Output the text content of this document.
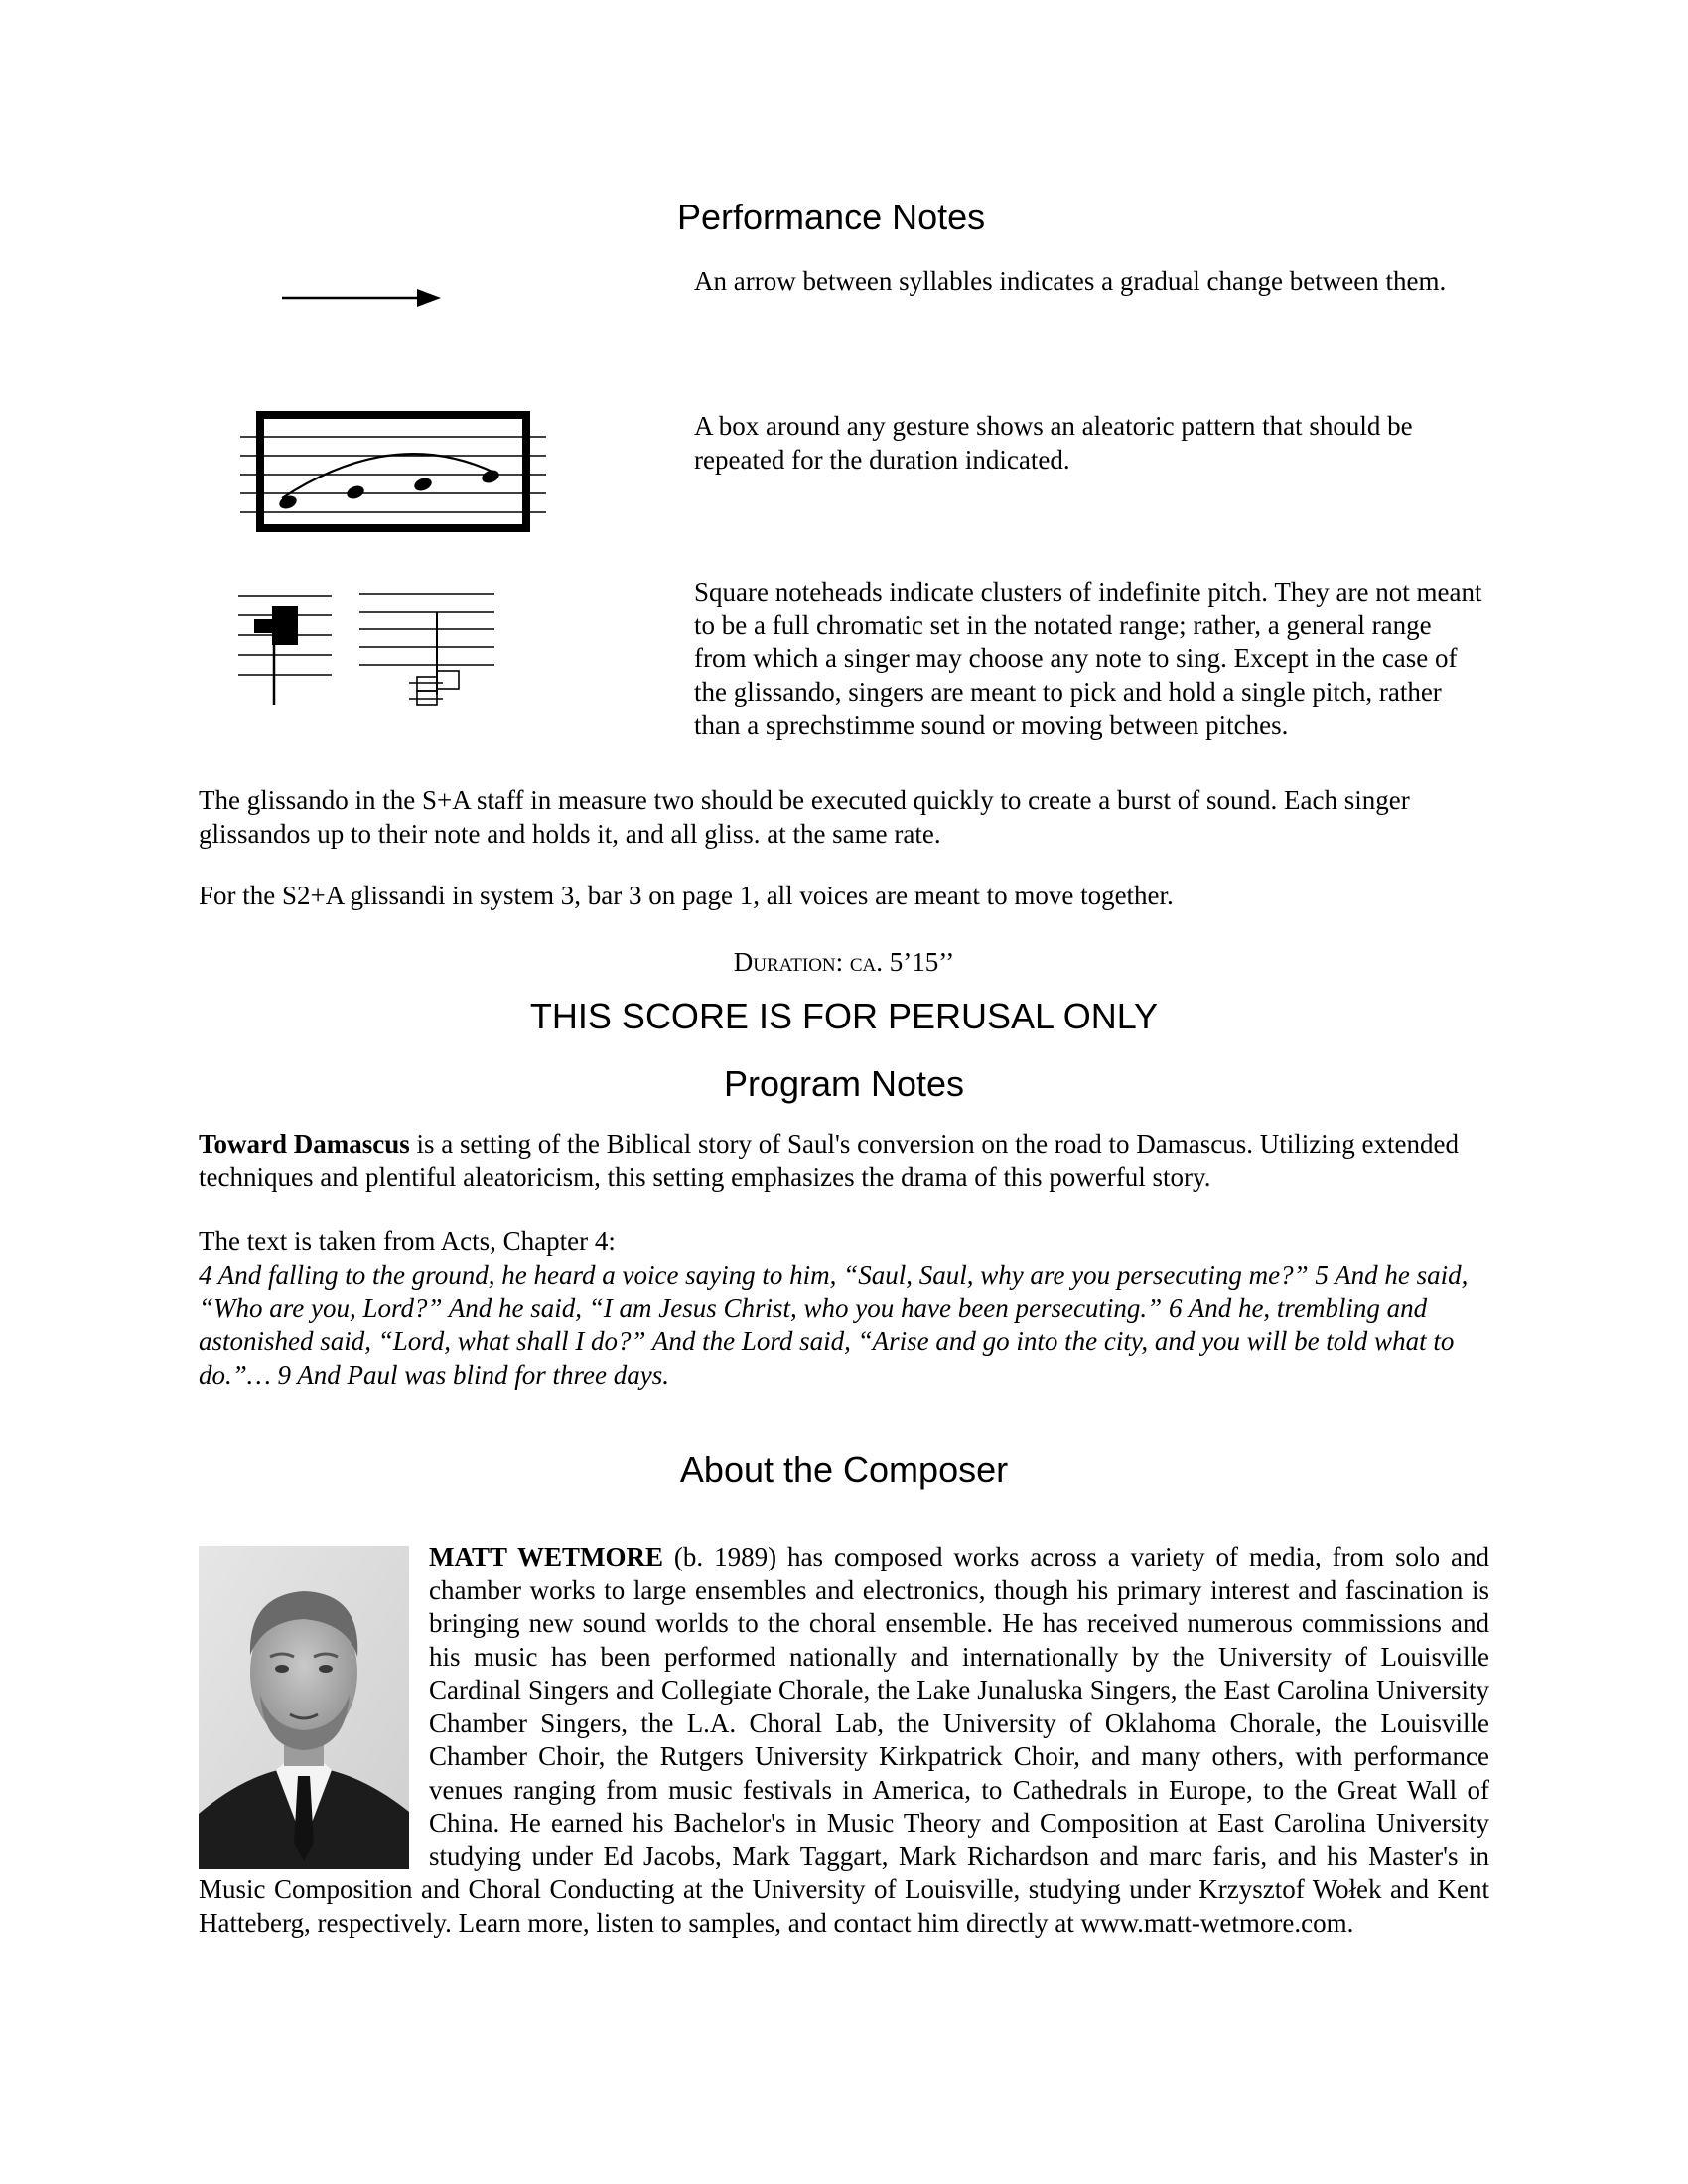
Performance Notes

An arrow between syllables indicates a gradual change between them.

A box around any gesture shows an aleatoric pattern that should be repeated for the duration indicated.

Square noteheads indicate clusters of indefinite pitch. They are not meant to be a full chromatic set in the notated range; rather, a general range from which a singer may choose any note to sing. Except in the case of the glissando, singers are meant to pick and hold a single pitch, rather than a sprechstimme sound or moving between pitches.

The glissando in the S+A staff in measure two should be executed quickly to create a burst of sound. Each singer glissandos up to their note and holds it, and all gliss. at the same rate.

For the S2+A glissandi in system 3, bar 3 on page 1, all voices are meant to move together.

Duration: ca. 5’15’’
THIS SCORE IS FOR PERUSAL ONLY
Program Notes

Toward Damascus is a setting of the Biblical story of Saul's conversion on the road to Damascus. Utilizing extended techniques and plentiful aleatoricism, this setting emphasizes the drama of this powerful story.

The text is taken from Acts, Chapter 4:

4 And falling to the ground, he heard a voice saying to him, “Saul, Saul, why are you persecuting me?” 5 And he said, “Who are you, Lord?” And he said, “I am Jesus Christ, who you have been persecuting.” 6 And he, trembling and astonished said, “Lord, what shall I do?” And the Lord said, “Arise and go into the city, and you will be told what to do.”… 9 And Paul was blind for three days.

About the Composer
MATT WETMORE (b. 1989) has composed works across a variety of media, from solo and chamber works to large ensembles and electronics, though his primary interest and fascination is bringing new sound worlds to the choral ensemble. He has received numerous commissions and his music has been performed nationally and internationally by the University of Louisville Cardinal Singers and Collegiate Chorale, the Lake Junaluska Singers, the East Carolina University Chamber Singers, the L.A. Choral Lab, the University of Oklahoma Chorale, the Louisville Chamber Choir, the Rutgers University Kirkpatrick Choir, and many others, with performance venues ranging from music festivals in America, to Cathedrals in Europe, to the Great Wall of China. He earned his Bachelor's in Music Theory and Composition at East Carolina University studying under Ed Jacobs, Mark Taggart, Mark Richardson and marc faris, and his Master's in Music Composition and Choral Conducting at the University of Louisville, studying under Krzysztof Wołek and Kent Hatteberg, respectively. Learn more, listen to samples, and contact him directly at www.matt-wetmore.com.
